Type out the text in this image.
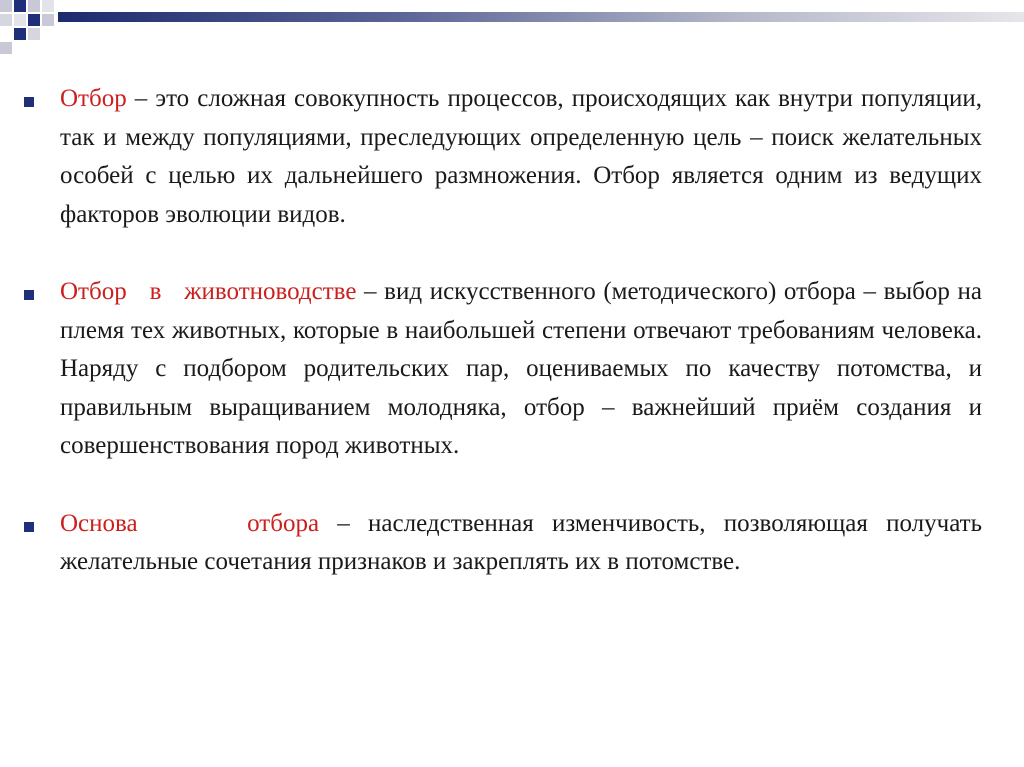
Отбор – это сложная совокупность процессов, происходящих как внутри популяции, так и между популяциями, преследующих определенную цель – поиск желательных особей с целью их дальнейшего размножения. Отбор является одним из ведущих факторов эволюции видов.
Отбор   в   животноводстве – вид искусственного (методического) отбора – выбор на племя тех животных, которые в наибольшей степени отвечают требованиям человека. Наряду с подбором родительских пар, оцениваемых по качеству потомства, и правильным выращиванием молодняка, отбор – важнейший приём создания и совершенствования пород животных.
Основа      отбора – наследственная изменчивость, позволяющая получать желательные сочетания признаков и закреплять их в потомстве.
